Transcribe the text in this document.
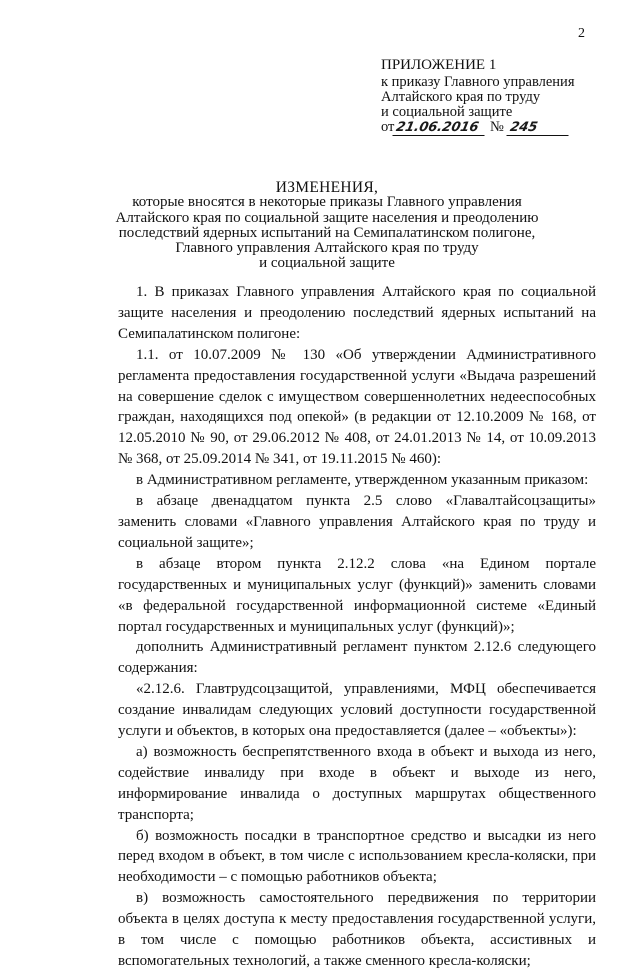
2
ПРИЛОЖЕНИЕ 1
к приказу Главного управления
Алтайского края по труду
и социальной защите
от21.06.2016 № 245
ИЗМЕНЕНИЯ,
которые вносятся в некоторые приказы Главного управления
Алтайского края по социальной защите населения и преодолению
последствий ядерных испытаний на Семипалатинском полигоне,
Главного управления Алтайского края по труду
и социальной защите

1. В приказах Главного управления Алтайского края по социальной защите населения и преодолению последствий ядерных испытаний на Семипалатинском полигоне:

1.1. от 10.07.2009 № 130 «Об утверждении Административного регламента предоставления государственной услуги «Выдача разрешений на совершение сделок с имуществом совершеннолетних недееспособных граждан, находящихся под опекой» (в редакции от 12.10.2009 № 168, от 12.05.2010 № 90, от 29.06.2012 № 408, от 24.01.2013 № 14, от 10.09.2013 № 368, от 25.09.2014 № 341, от 19.11.2015 № 460):

в Административном регламенте, утвержденном указанным приказом:

в абзаце двенадцатом пункта 2.5 слово «Главалтайсоцзащиты» заменить словами «Главного управления Алтайского края по труду и социальной защите»;

в абзаце втором пункта 2.12.2 слова «на Едином портале государственных и муниципальных услуг (функций)» заменить словами «в федеральной государственной информационной системе «Единый портал государственных и муниципальных услуг (функций)»;

дополнить Административный регламент пунктом 2.12.6 следующего содержания:

«2.12.6. Главтрудсоцзащитой, управлениями, МФЦ обеспечивается создание инвалидам следующих условий доступности государственной услуги и объектов, в которых она предоставляется (далее – «объекты»):

а) возможность беспрепятственного входа в объект и выхода из него, содействие инвалиду при входе в объект и выходе из него, информирование инвалида о доступных маршрутах общественного транспорта;

б) возможность посадки в транспортное средство и высадки из него перед входом в объект, в том числе с использованием кресла-коляски, при необходимости – с помощью работников объекта;

в) возможность самостоятельного передвижения по территории объекта в целях доступа к месту предоставления государственной услуги, в том числе с помощью работников объекта, ассистивных и вспомогательных технологий, а также сменного кресла-коляски;
